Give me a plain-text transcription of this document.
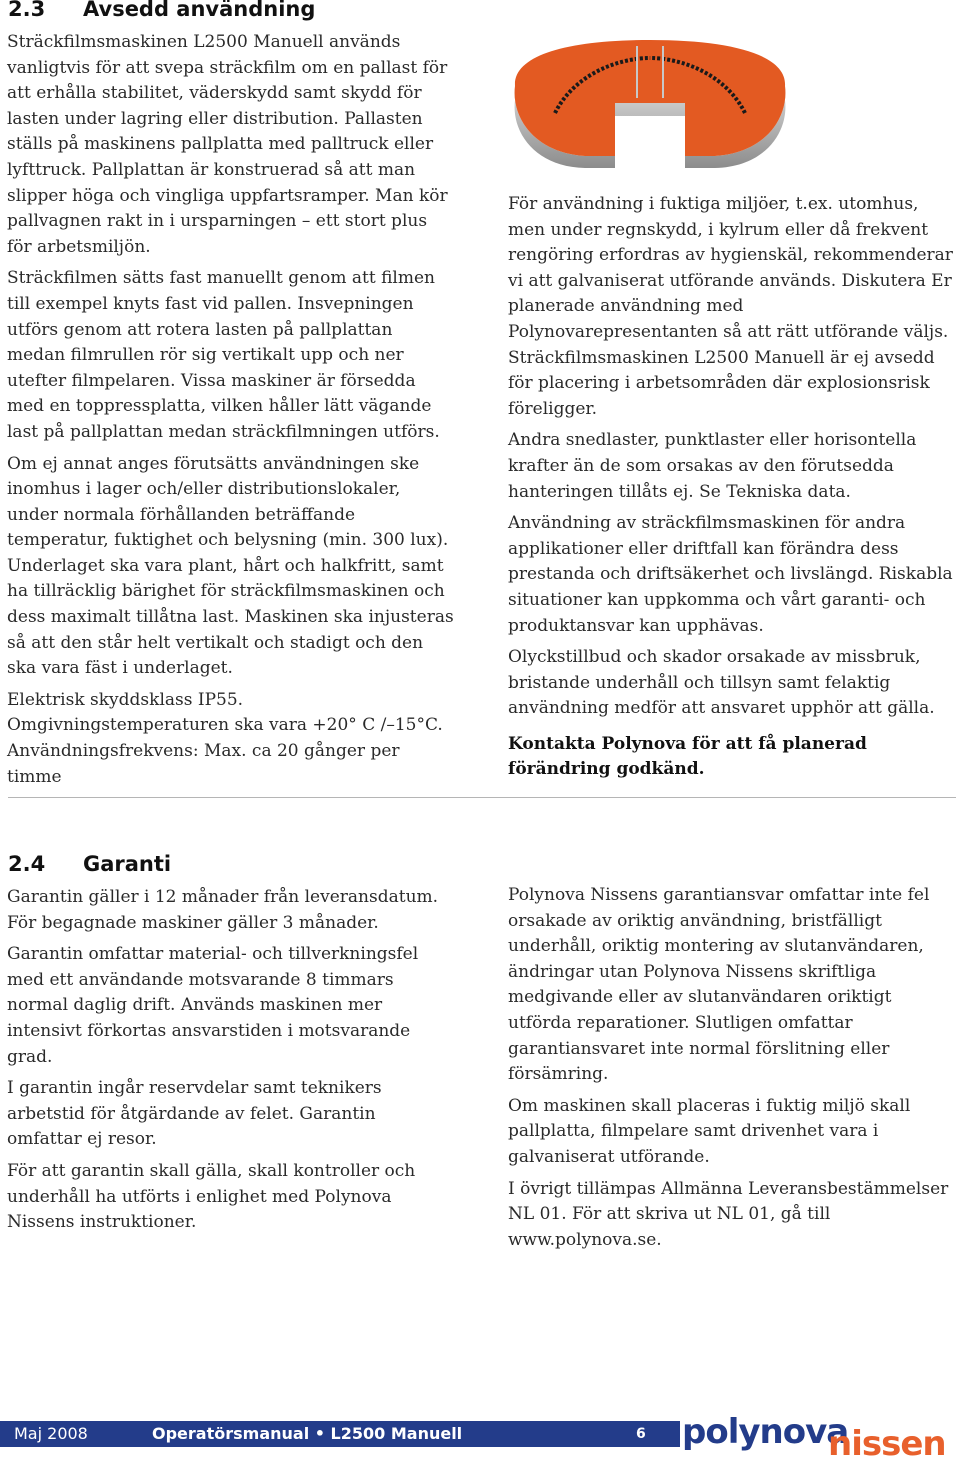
2.3 Avsedd användning

Sträckfilmsmaskinen L2500 Manuell används vanligtvis för att svepa sträckfilm om en pallast för att erhålla stabilitet, väderskydd samt skydd för lasten under lagring eller distribution. Pallasten ställs på maskinens pallplatta med palltruck eller lyfttruck. Pallplattan är konstruerad så att man slipper höga och vingliga uppfartsramper. Man kör pallvagnen rakt in i ursparningen – ett stort plus för arbetsmiljön.

Sträckfilmen sätts fast manuellt genom att filmen till exempel knyts fast vid pallen. Insvepningen utförs genom att rotera lasten på pallplattan medan filmrullen rör sig vertikalt upp och ner utefter filmpelaren. Vissa maskiner är försedda med en toppressplatta, vilken håller lätt vägande last på pallplattan medan sträckfilmningen utförs.

Om ej annat anges förutsätts användningen ske inomhus i lager och/eller distributionslokaler, under normala förhållanden beträffande temperatur, fuktighet och belysning (min. 300 lux). Underlaget ska vara plant, hårt och halkfritt, samt ha tillräcklig bärighet för sträckfilmsmaskinen och dess maximalt tillåtna last. Maskinen ska injusteras så att den står helt vertikalt och stadigt och den ska vara fäst i underlaget.

Elektrisk skyddsklass IP55. Omgivningstemperaturen ska vara +20° C /–15°C. Användningsfrekvens: Max. ca 20 gånger per timme

För användning i fuktiga miljöer, t.ex. utomhus, men under regnskydd, i kylrum eller då frekvent rengöring erfordras av hygienskäl, rekommenderar vi att galvaniserat utförande används. Diskutera Er planerade användning med Polynovarepresentanten så att rätt utförande väljs. Sträckfilmsmaskinen L2500 Manuell är ej avsedd för placering i arbetsområden där explosionsrisk föreligger.

Andra snedlaster, punktlaster eller horisontella krafter än de som orsakas av den förutsedda hanteringen tillåts ej. Se Tekniska data.

Användning av sträckfilmsmaskinen för andra applikationer eller driftfall kan förändra dess prestanda och driftsäkerhet och livslängd. Riskabla situationer kan uppkomma och vårt garanti- och produktansvar kan upphävas.

Olyckstillbud och skador orsakade av missbruk, bristande underhåll och tillsyn samt felaktig användning medför att ansvaret upphör att gälla.

Kontakta Polynova för att få planerad förändring godkänd.

2.4 Garanti

Garantin gäller i 12 månader från leveransdatum. För begagnade maskiner gäller 3 månader.

Garantin omfattar material- och tillverkningsfel med ett användande motsvarande 8 timmars normal daglig drift. Används maskinen mer intensivt förkortas ansvarstiden i motsvarande grad.

I garantin ingår reservdelar samt teknikers arbetstid för åtgärdande av felet. Garantin omfattar ej resor.

För att garantin skall gälla, skall kontroller och underhåll ha utförts i enlighet med Polynova Nissens instruktioner.

Polynova Nissens garantiansvar omfattar inte fel orsakade av oriktig användning, bristfälligt underhåll, oriktig montering av slutanvändaren, ändringar utan Polynova Nissens skriftliga medgivande eller av slutanvändaren oriktigt utförda reparationer. Slutligen omfattar garantiansvaret inte normal förslitning eller försämring.

Om maskinen skall placeras i fuktig miljö skall pallplatta, filmpelare samt drivenhet vara i galvaniserat utförande.

I övrigt tillämpas Allmänna Leveransbestämmelser NL 01. För att skriva ut NL 01, gå till www.polynova.se.

Maj 2008	Operatörsmanual • L2500 Manuell	6 polynova
nissen
